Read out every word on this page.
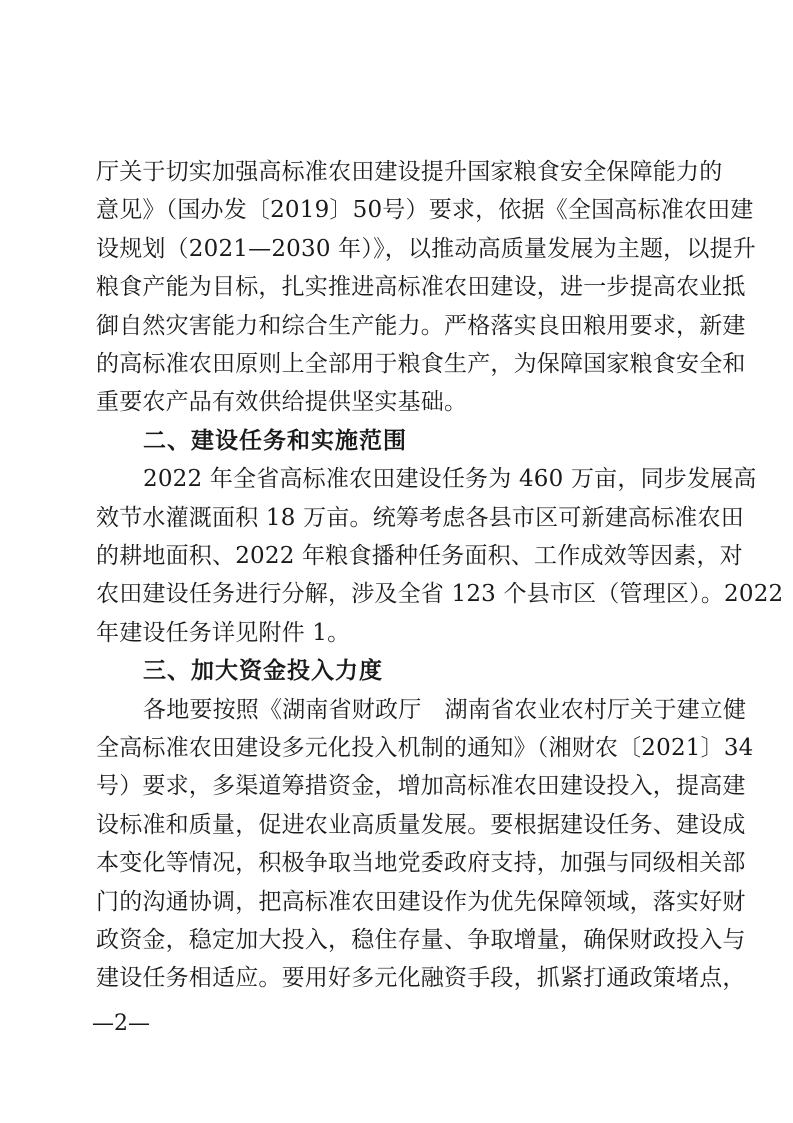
厅关于切实加强高标准农田建设提升国家粮食安全保障能力的
意见》（国办发〔2019〕50号）要求，依据《全国高标准农田建
设规划（2021—2030 年）》，以推动高质量发展为主题，以提升
粮食产能为目标，扎实推进高标准农田建设，进一步提高农业抵
御自然灾害能力和综合生产能力。严格落实良田粮用要求，新建
的高标准农田原则上全部用于粮食生产，为保障国家粮食安全和
重要农产品有效供给提供坚实基础。
二、建设任务和实施范围
2022 年全省高标准农田建设任务为 460 万亩，同步发展高
效节水灌溉面积 18 万亩。统筹考虑各县市区可新建高标准农田
的耕地面积、2022 年粮食播种任务面积、工作成效等因素，对
农田建设任务进行分解，涉及全省 123 个县市区（管理区）。2022
年建设任务详见附件 1。
三、加大资金投入力度
各地要按照《湖南省财政厅　湖南省农业农村厅关于建立健
全高标准农田建设多元化投入机制的通知》（湘财农〔2021〕34
号）要求，多渠道筹措资金，增加高标准农田建设投入，提高建
设标准和质量，促进农业高质量发展。要根据建设任务、建设成
本变化等情况，积极争取当地党委政府支持，加强与同级相关部
门的沟通协调，把高标准农田建设作为优先保障领域，落实好财
政资金，稳定加大投入，稳住存量、争取增量，确保财政投入与
建设任务相适应。要用好多元化融资手段，抓紧打通政策堵点，
—2—
